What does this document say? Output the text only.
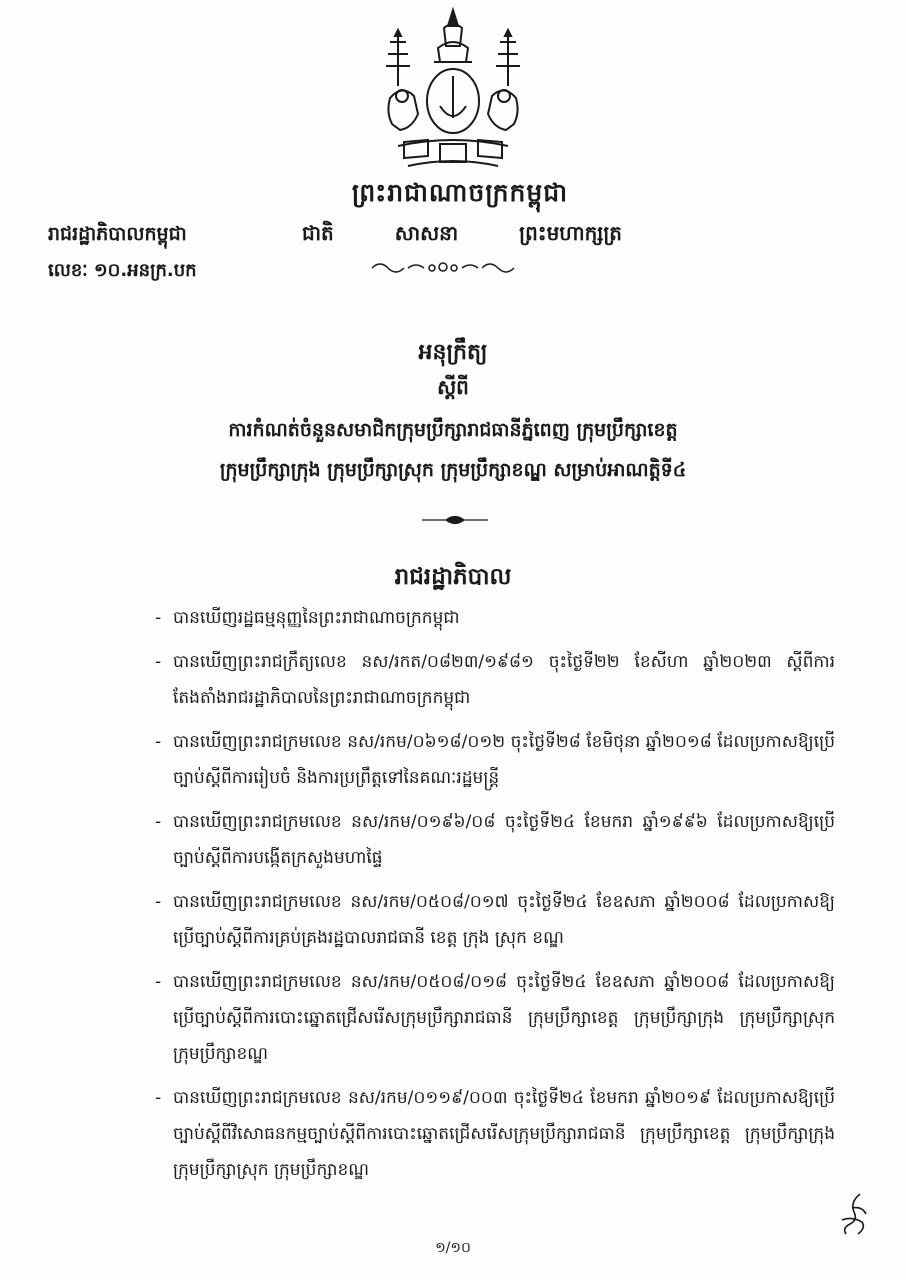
ព្រះរាជាណាចក្រកម្ពុជា
ជាតិ	សាសនា	ព្រះមហាក្សត្រ
រាជរដ្ឋាភិបាលកម្ពុជា
លេខៈ ១០.អនក្រ.បក
អនុក្រឹត្យ
ស្តីពី
ការកំណត់ចំនួនសមាជិកក្រុមប្រឹក្សារាជធានីភ្នំពេញ ក្រុមប្រឹក្សាខេត្ត
ក្រុមប្រឹក្សាក្រុង ក្រុមប្រឹក្សាស្រុក ក្រុមប្រឹក្សាខណ្ឌ សម្រាប់អាណត្តិទី៤
រាជរដ្ឋាភិបាល
- បានឃើញរដ្ឋធម្មនុញ្ញនៃព្រះរាជាណាចក្រកម្ពុជា
- បានឃើញព្រះរាជក្រឹត្យលេខ នស/រកត/០៨២៣/១៩៨១ ចុះថ្ងៃទី២២ ខែសីហា ឆ្នាំ២០២៣ ស្តីពីការតែងតាំងរាជរដ្ឋាភិបាលនៃព្រះរាជាណាចក្រកម្ពុជា
- បានឃើញព្រះរាជក្រមលេខ នស/រកម/០៦១៨/០១២ ចុះថ្ងៃទី២៨ ខែមិថុនា ឆ្នាំ២០១៨ ដែលប្រកាសឱ្យប្រើច្បាប់ស្តីពីការរៀបចំ និងការប្រព្រឹត្តទៅនៃគណៈរដ្ឋមន្ត្រី
- បានឃើញព្រះរាជក្រមលេខ នស/រកម/០១៩៦/០៨ ចុះថ្ងៃទី២៤ ខែមករា ឆ្នាំ១៩៩៦ ដែលប្រកាសឱ្យប្រើច្បាប់ស្តីពីការបង្កើតក្រសួងមហាផ្ទៃ
- បានឃើញព្រះរាជក្រមលេខ នស/រកម/០៥០៨/០១៧ ចុះថ្ងៃទី២៤ ខែឧសភា ឆ្នាំ២០០៨ ដែលប្រកាសឱ្យប្រើច្បាប់ស្តីពីការគ្រប់គ្រងរដ្ឋបាលរាជធានី ខេត្ត ក្រុង ស្រុក ខណ្ឌ
- បានឃើញព្រះរាជក្រមលេខ នស/រកម/០៥០៨/០១៨ ចុះថ្ងៃទី២៤ ខែឧសភា ឆ្នាំ២០០៨ ដែលប្រកាសឱ្យប្រើច្បាប់ស្តីពីការបោះឆ្នោតជ្រើសរើសក្រុមប្រឹក្សារាជធានី ក្រុមប្រឹក្សាខេត្ត ក្រុមប្រឹក្សាក្រុង ក្រុមប្រឹក្សាស្រុក ក្រុមប្រឹក្សាខណ្ឌ
- បានឃើញព្រះរាជក្រមលេខ នស/រកម/០១១៩/០០៣ ចុះថ្ងៃទី២៤ ខែមករា ឆ្នាំ២០១៩ ដែលប្រកាសឱ្យប្រើច្បាប់ស្តីពីវិសោធនកម្មច្បាប់ស្តីពីការបោះឆ្នោតជ្រើសរើសក្រុមប្រឹក្សារាជធានី ក្រុមប្រឹក្សាខេត្ត ក្រុមប្រឹក្សាក្រុង ក្រុមប្រឹក្សាស្រុក ក្រុមប្រឹក្សាខណ្ឌ
១/១០
